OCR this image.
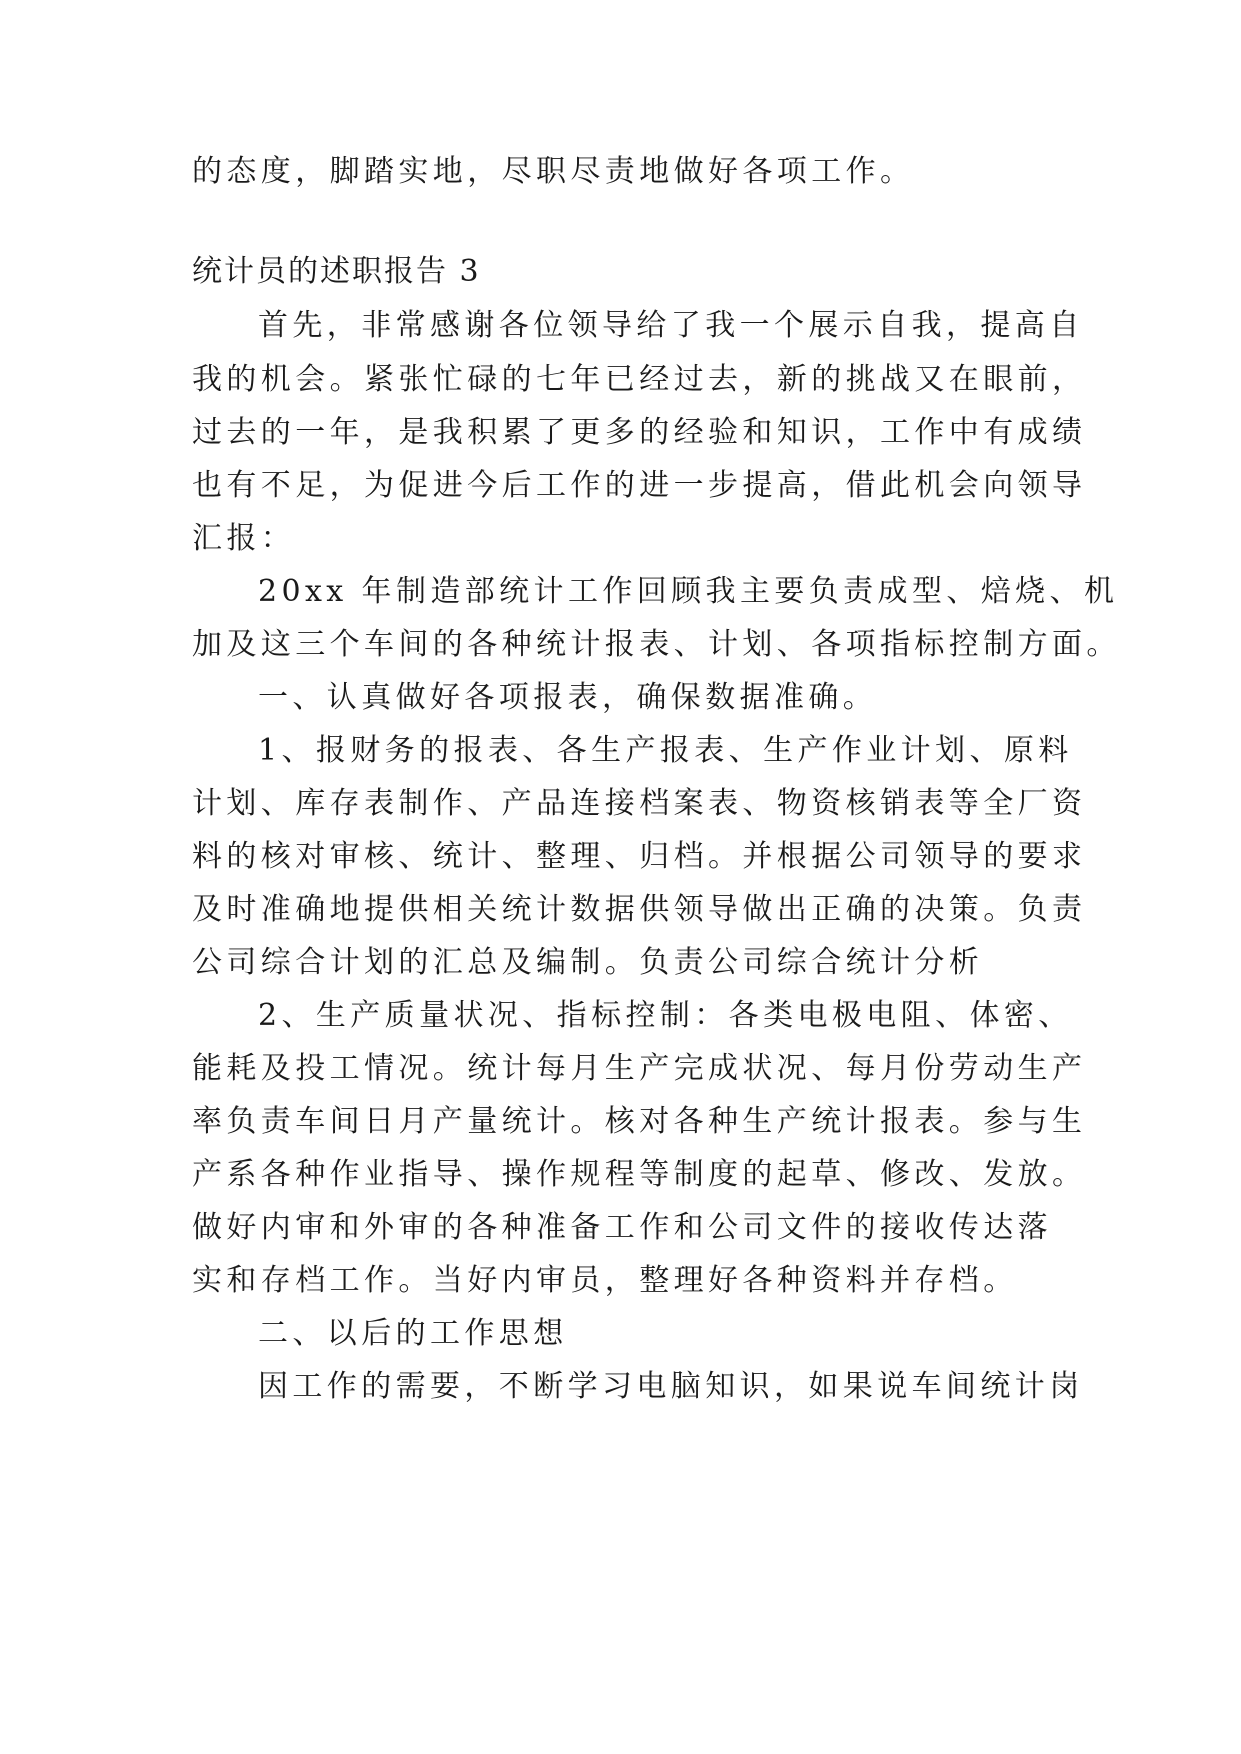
的态度，脚踏实地，尽职尽责地做好各项工作。
统计员的述职报告 3
首先，非常感谢各位领导给了我一个展示自我，提高自
我的机会。紧张忙碌的七年已经过去，新的挑战又在眼前，
过去的一年，是我积累了更多的经验和知识，工作中有成绩
也有不足，为促进今后工作的进一步提高，借此机会向领导
汇报：
20xx 年制造部统计工作回顾我主要负责成型、焙烧、机
加及这三个车间的各种统计报表、计划、各项指标控制方面。
一、认真做好各项报表，确保数据准确。
1、报财务的报表、各生产报表、生产作业计划、原料
计划、库存表制作、产品连接档案表、物资核销表等全厂资
料的核对审核、统计、整理、归档。并根据公司领导的要求
及时准确地提供相关统计数据供领导做出正确的决策。负责
公司综合计划的汇总及编制。负责公司综合统计分析
2、生产质量状况、指标控制：各类电极电阻、体密、
能耗及投工情况。统计每月生产完成状况、每月份劳动生产
率负责车间日月产量统计。核对各种生产统计报表。参与生
产系各种作业指导、操作规程等制度的起草、修改、发放。
做好内审和外审的各种准备工作和公司文件的接收传达落
实和存档工作。当好内审员，整理好各种资料并存档。
二、以后的工作思想
因工作的需要，不断学习电脑知识，如果说车间统计岗
